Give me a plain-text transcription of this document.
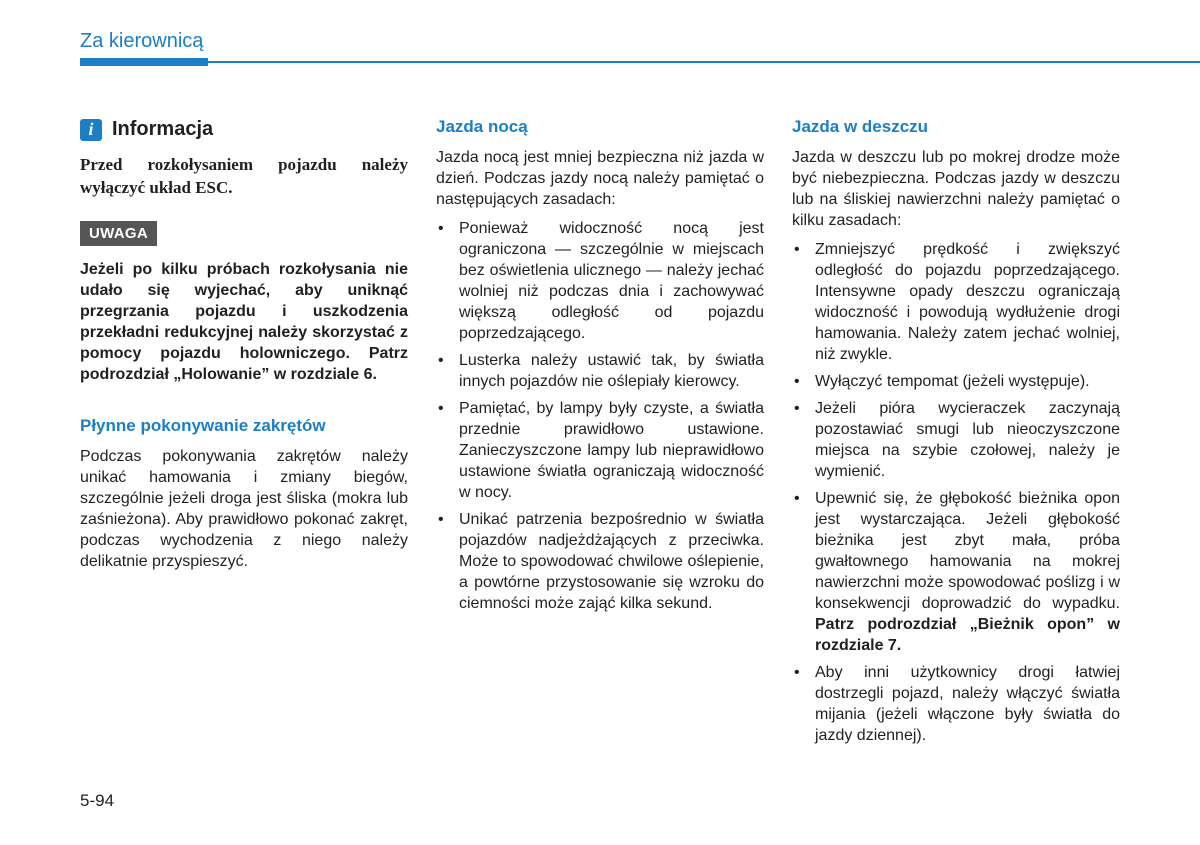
Za kierownicą
i Informacja
Przed rozkołysaniem pojazdu należy wyłączyć układ ESC.
UWAGA
Jeżeli po kilku próbach rozkołysania nie udało się wyjechać, aby uniknąć przegrzania pojazdu i uszkodzenia przekładni redukcyjnej należy skorzystać z pomocy pojazdu holowniczego. Patrz podrozdział „Holowanie” w rozdziale 6.
Płynne pokonywanie zakrętów
Podczas pokonywania zakrętów należy unikać hamowania i zmiany biegów, szczególnie jeżeli droga jest śliska (mokra lub zaśnieżona). Aby prawidłowo pokonać zakręt, podczas wychodzenia z niego należy delikatnie przyspieszyć.
Jazda nocą
Jazda nocą jest mniej bezpieczna niż jazda w dzień. Podczas jazdy nocą należy pamiętać o następujących zasadach:
• Ponieważ widoczność nocą jest ograniczona — szczególnie w miejscach bez oświetlenia ulicznego — należy jechać wolniej niż podczas dnia i zachowywać większą odległość od pojazdu poprzedzającego.
• Lusterka należy ustawić tak, by światła innych pojazdów nie oślepiały kierowcy.
• Pamiętać, by lampy były czyste, a światła przednie prawidłowo ustawione. Zanieczyszczone lampy lub nieprawidłowo ustawione światła ograniczają widoczność w nocy.
• Unikać patrzenia bezpośrednio w światła pojazdów nadjeżdżających z przeciwka. Może to spowodować chwilowe oślepienie, a powtórne przystosowanie się wzroku do ciemności może zająć kilka sekund.
Jazda w deszczu
Jazda w deszczu lub po mokrej drodze może być niebezpieczna. Podczas jazdy w deszczu lub na śliskiej nawierzchni należy pamiętać o kilku zasadach:
• Zmniejszyć prędkość i zwiększyć odległość do pojazdu poprzedzającego. Intensywne opady deszczu ograniczają widoczność i powodują wydłużenie drogi hamowania. Należy zatem jechać wolniej, niż zwykle.
• Wyłączyć tempomat (jeżeli występuje).
• Jeżeli pióra wycieraczek zaczynają pozostawiać smugi lub nieoczyszczone miejsca na szybie czołowej, należy je wymienić.
• Upewnić się, że głębokość bieżnika opon jest wystarczająca. Jeżeli głębokość bieżnika jest zbyt mała, próba gwałtownego hamowania na mokrej nawierzchni może spowodować poślizg i w konsekwencji doprowadzić do wypadku. Patrz podrozdział „Bieżnik opon” w rozdziale 7.
• Aby inni użytkownicy drogi łatwiej dostrzegli pojazd, należy włączyć światła mijania (jeżeli włączone były światła do jazdy dziennej).
5-94
